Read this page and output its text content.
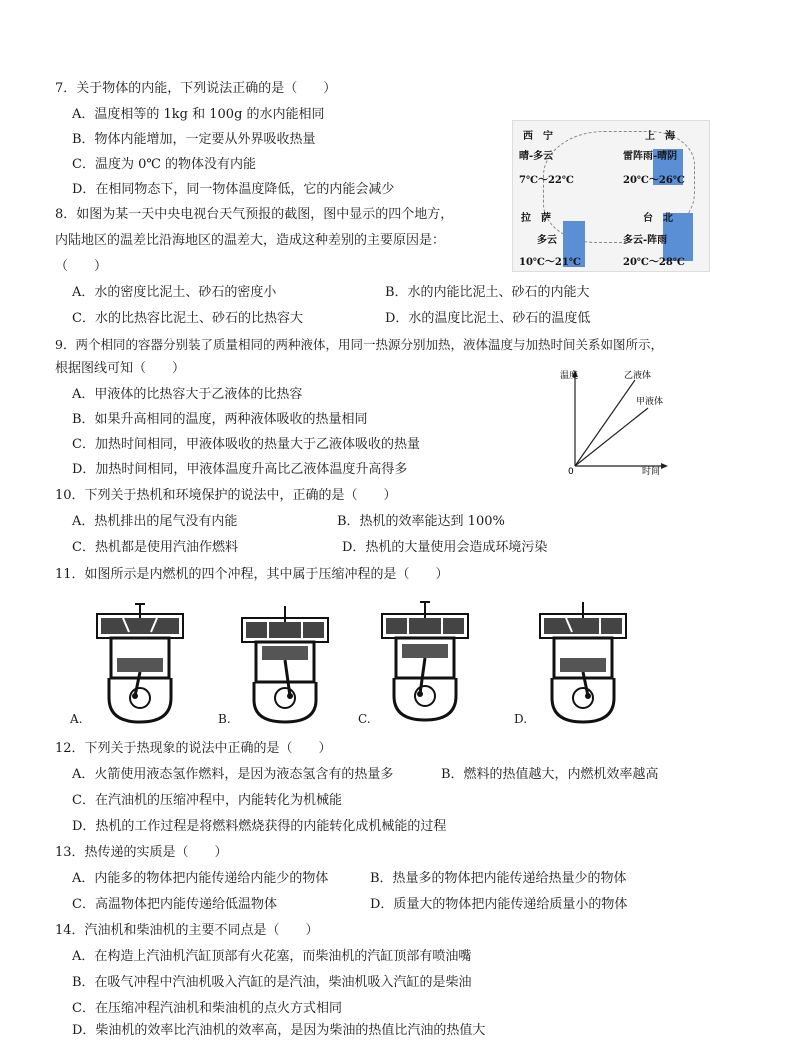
7．关于物体的内能，下列说法正确的是（　　）
A．温度相等的 1kg 和 100g 的水内能相同
B．物体内能增加，一定要从外界吸收热量
C．温度为 0℃ 的物体没有内能
D．在相同物态下，同一物体温度降低，它的内能会减少
西　宁
晴-多云
7℃～22℃
上　海
雷阵雨-晴阴
20℃～26℃
拉　萨
多云
10℃～21℃
台　北
多云-阵雨
20℃～28℃
8．如图为某一天中央电视台天气预报的截图，图中显示的四个地方，
内陆地区的温差比沿海地区的温差大，造成这种差别的主要原因是：
（　　）
A．水的密度比泥土、砂石的密度小	B．水的内能比泥土、砂石的内能大
C．水的比热容比泥土、砂石的比热容大	D．水的温度比泥土、砂石的温度低
9．两个相同的容器分别装了质量相同的两种液体，用同一热源分别加热，液体温度与加热时间关系如图所示，
根据图线可知（　　）
A．甲液体的比热容大于乙液体的比热容
B．如果升高相同的温度，两种液体吸收的热量相同
C．加热时间相同，甲液体吸收的热量大于乙液体吸收的热量
D．加热时间相同，甲液体温度升高比乙液体温度升高得多
温度
时间
0
乙液体
甲液体
10．下列关于热机和环境保护的说法中，正确的是（　　）
A．热机排出的尾气没有内能	B．热机的效率能达到 100%
C．热机都是使用汽油作燃料	D．热机的大量使用会造成环境污染
11．如图所示是内燃机的四个冲程，其中属于压缩冲程的是（　　）
A.	B.	C.	D.
12．下列关于热现象的说法中正确的是（　　）
A．火箭使用液态氢作燃料，是因为液态氢含有的热量多	B．燃料的热值越大，内燃机效率越高
C．在汽油机的压缩冲程中，内能转化为机械能
D．热机的工作过程是将燃料燃烧获得的内能转化成机械能的过程
13．热传递的实质是（　　）
A．内能多的物体把内能传递给内能少的物体	B．热量多的物体把内能传递给热量少的物体
C．高温物体把内能传递给低温物体	D．质量大的物体把内能传递给质量小的物体
14．汽油机和柴油机的主要不同点是（　　）
A．在构造上汽油机汽缸顶部有火花塞，而柴油机的汽缸顶部有喷油嘴
B．在吸气冲程中汽油机吸入汽缸的是汽油，柴油机吸入汽缸的是柴油
C．在压缩冲程汽油机和柴油机的点火方式相同
D．柴油机的效率比汽油机的效率高，是因为柴油的热值比汽油的热值大
